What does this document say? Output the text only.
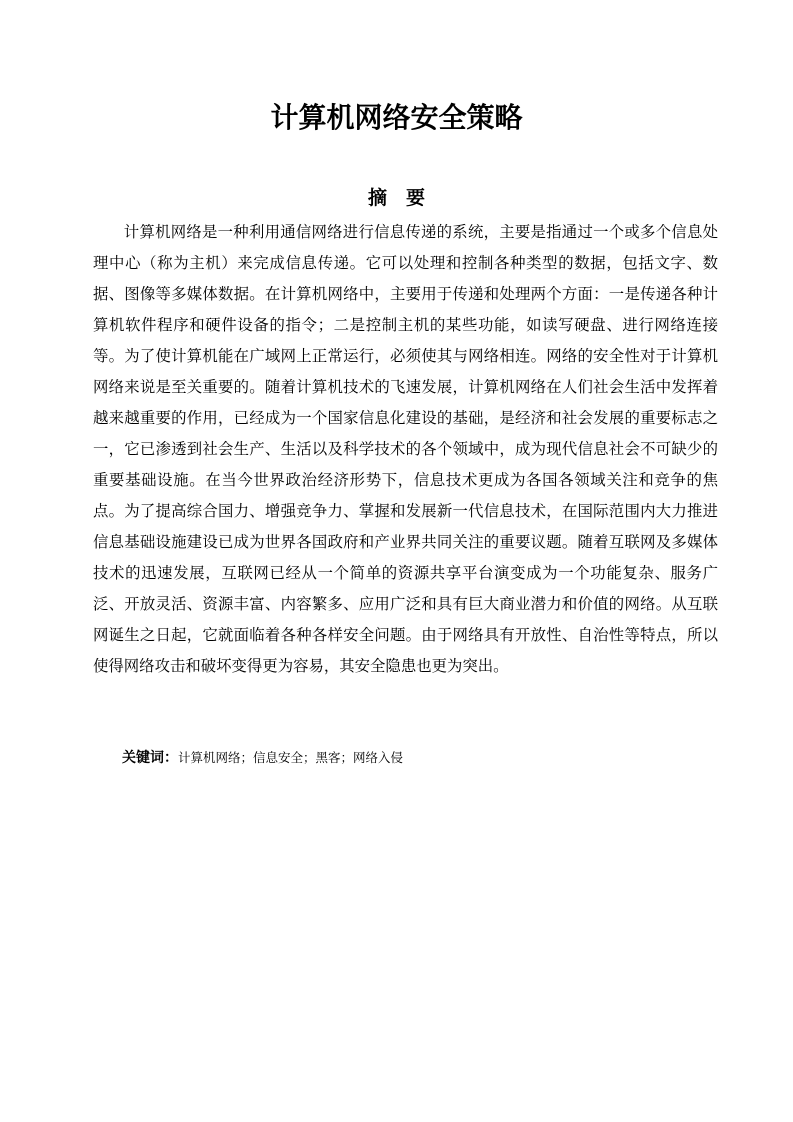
计算机网络安全策略
摘　要

计算机网络是一种利用通信网络进行信息传递的系统，主要是指通过一个或多个信息处理中心（称为主机）来完成信息传递。它可以处理和控制各种类型的数据，包括文字、数据、图像等多媒体数据。在计算机网络中，主要用于传递和处理两个方面：一是传递各种计算机软件程序和硬件设备的指令；二是控制主机的某些功能，如读写硬盘、进行网络连接等。为了使计算机能在广域网上正常运行，必须使其与网络相连。网络的安全性对于计算机网络来说是至关重要的。随着计算机技术的飞速发展，计算机网络在人们社会生活中发挥着越来越重要的作用，已经成为一个国家信息化建设的基础，是经济和社会发展的重要标志之一，它已渗透到社会生产、生活以及科学技术的各个领域中，成为现代信息社会不可缺少的重要基础设施。在当今世界政治经济形势下，信息技术更成为各国各领域关注和竞争的焦点。为了提高综合国力、增强竞争力、掌握和发展新一代信息技术，在国际范围内大力推进信息基础设施建设已成为世界各国政府和产业界共同关注的重要议题。随着互联网及多媒体技术的迅速发展，互联网已经从一个简单的资源共享平台演变成为一个功能复杂、服务广泛、开放灵活、资源丰富、内容繁多、应用广泛和具有巨大商业潜力和价值的网络。从互联网诞生之日起，它就面临着各种各样安全问题。由于网络具有开放性、自治性等特点，所以使得网络攻击和破坏变得更为容易，其安全隐患也更为突出。

关键词：计算机网络；信息安全；黑客；网络入侵
